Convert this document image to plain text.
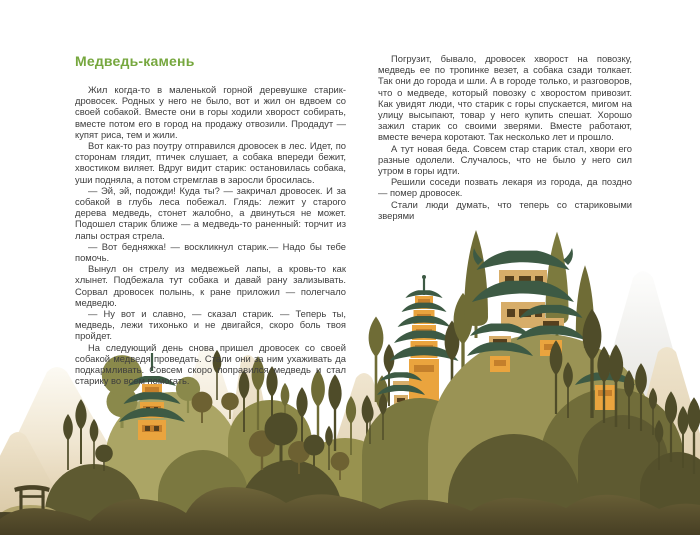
Медведь-камень

Жил когда-то в маленькой горной деревушке старик-дровосек. Родных у него не было, вот и жил он вдвоем со своей собакой. Вместе они в горы ходили хворост собирать, вместе потом его в город на продажу отвозили. Продадут — купят риса, тем и жили.

Вот как-то раз поутру отправился дровосек в лес. Идет, по сторонам глядит, птичек слушает, а собака впереди бежит, хвостиком виляет. Вдруг видит старик: остановилась собака, уши подняла, а потом стремглав в заросли бросилась.

— Эй, эй, подожди! Куда ты? — закричал дровосек. И за собакой в глубь леса побежал. Глядь: лежит у старого дерева медведь, стонет жалобно, а двинуться не может. Подошел старик ближе — а медведь-то раненный: торчит из лапы острая стрела.

— Вот бедняжка! — воскликнул старик.— Надо бы тебе помочь.

Вынул он стрелу из медвежьей лапы, а кровь-то как хлынет. Подбежала тут собака и давай рану зализывать. Сорвал дровосек полынь, к ране приложил — полегчало медведю.

— Ну вот и славно, — сказал старик. — Теперь ты, медведь, лежи тихонько и не двигайся, скоро боль твоя пройдет.

На следующий день снова пришел дровосек со своей собакой медведя проведать. Стали они за ним ухаживать да подкармливать. Совсем скоро поправился медведь и стал старику во всем помогать.

Погрузит, бывало, дровосек хворост на повозку, медведь ее по тропинке везет, а собака сзади толкает. Так они до города и шли. А в городе только, и разговоров, что о медведе, который повозку с хворостом привозит. Как увидят люди, что старик с горы спускается, мигом на улицу высыпают, товар у него купить спешат. Хорошо зажил старик со своими зверями. Вместе работают, вместе вечера коротают. Так несколько лет и прошло.

А тут новая беда. Совсем стар старик стал, хвори его разные одолели. Случалось, что не было у него сил утром в горы идти.

Решили соседи позвать лекаря из города, да поздно — помер дровосек.

Стали люди думать, что теперь со стариковыми зверями
